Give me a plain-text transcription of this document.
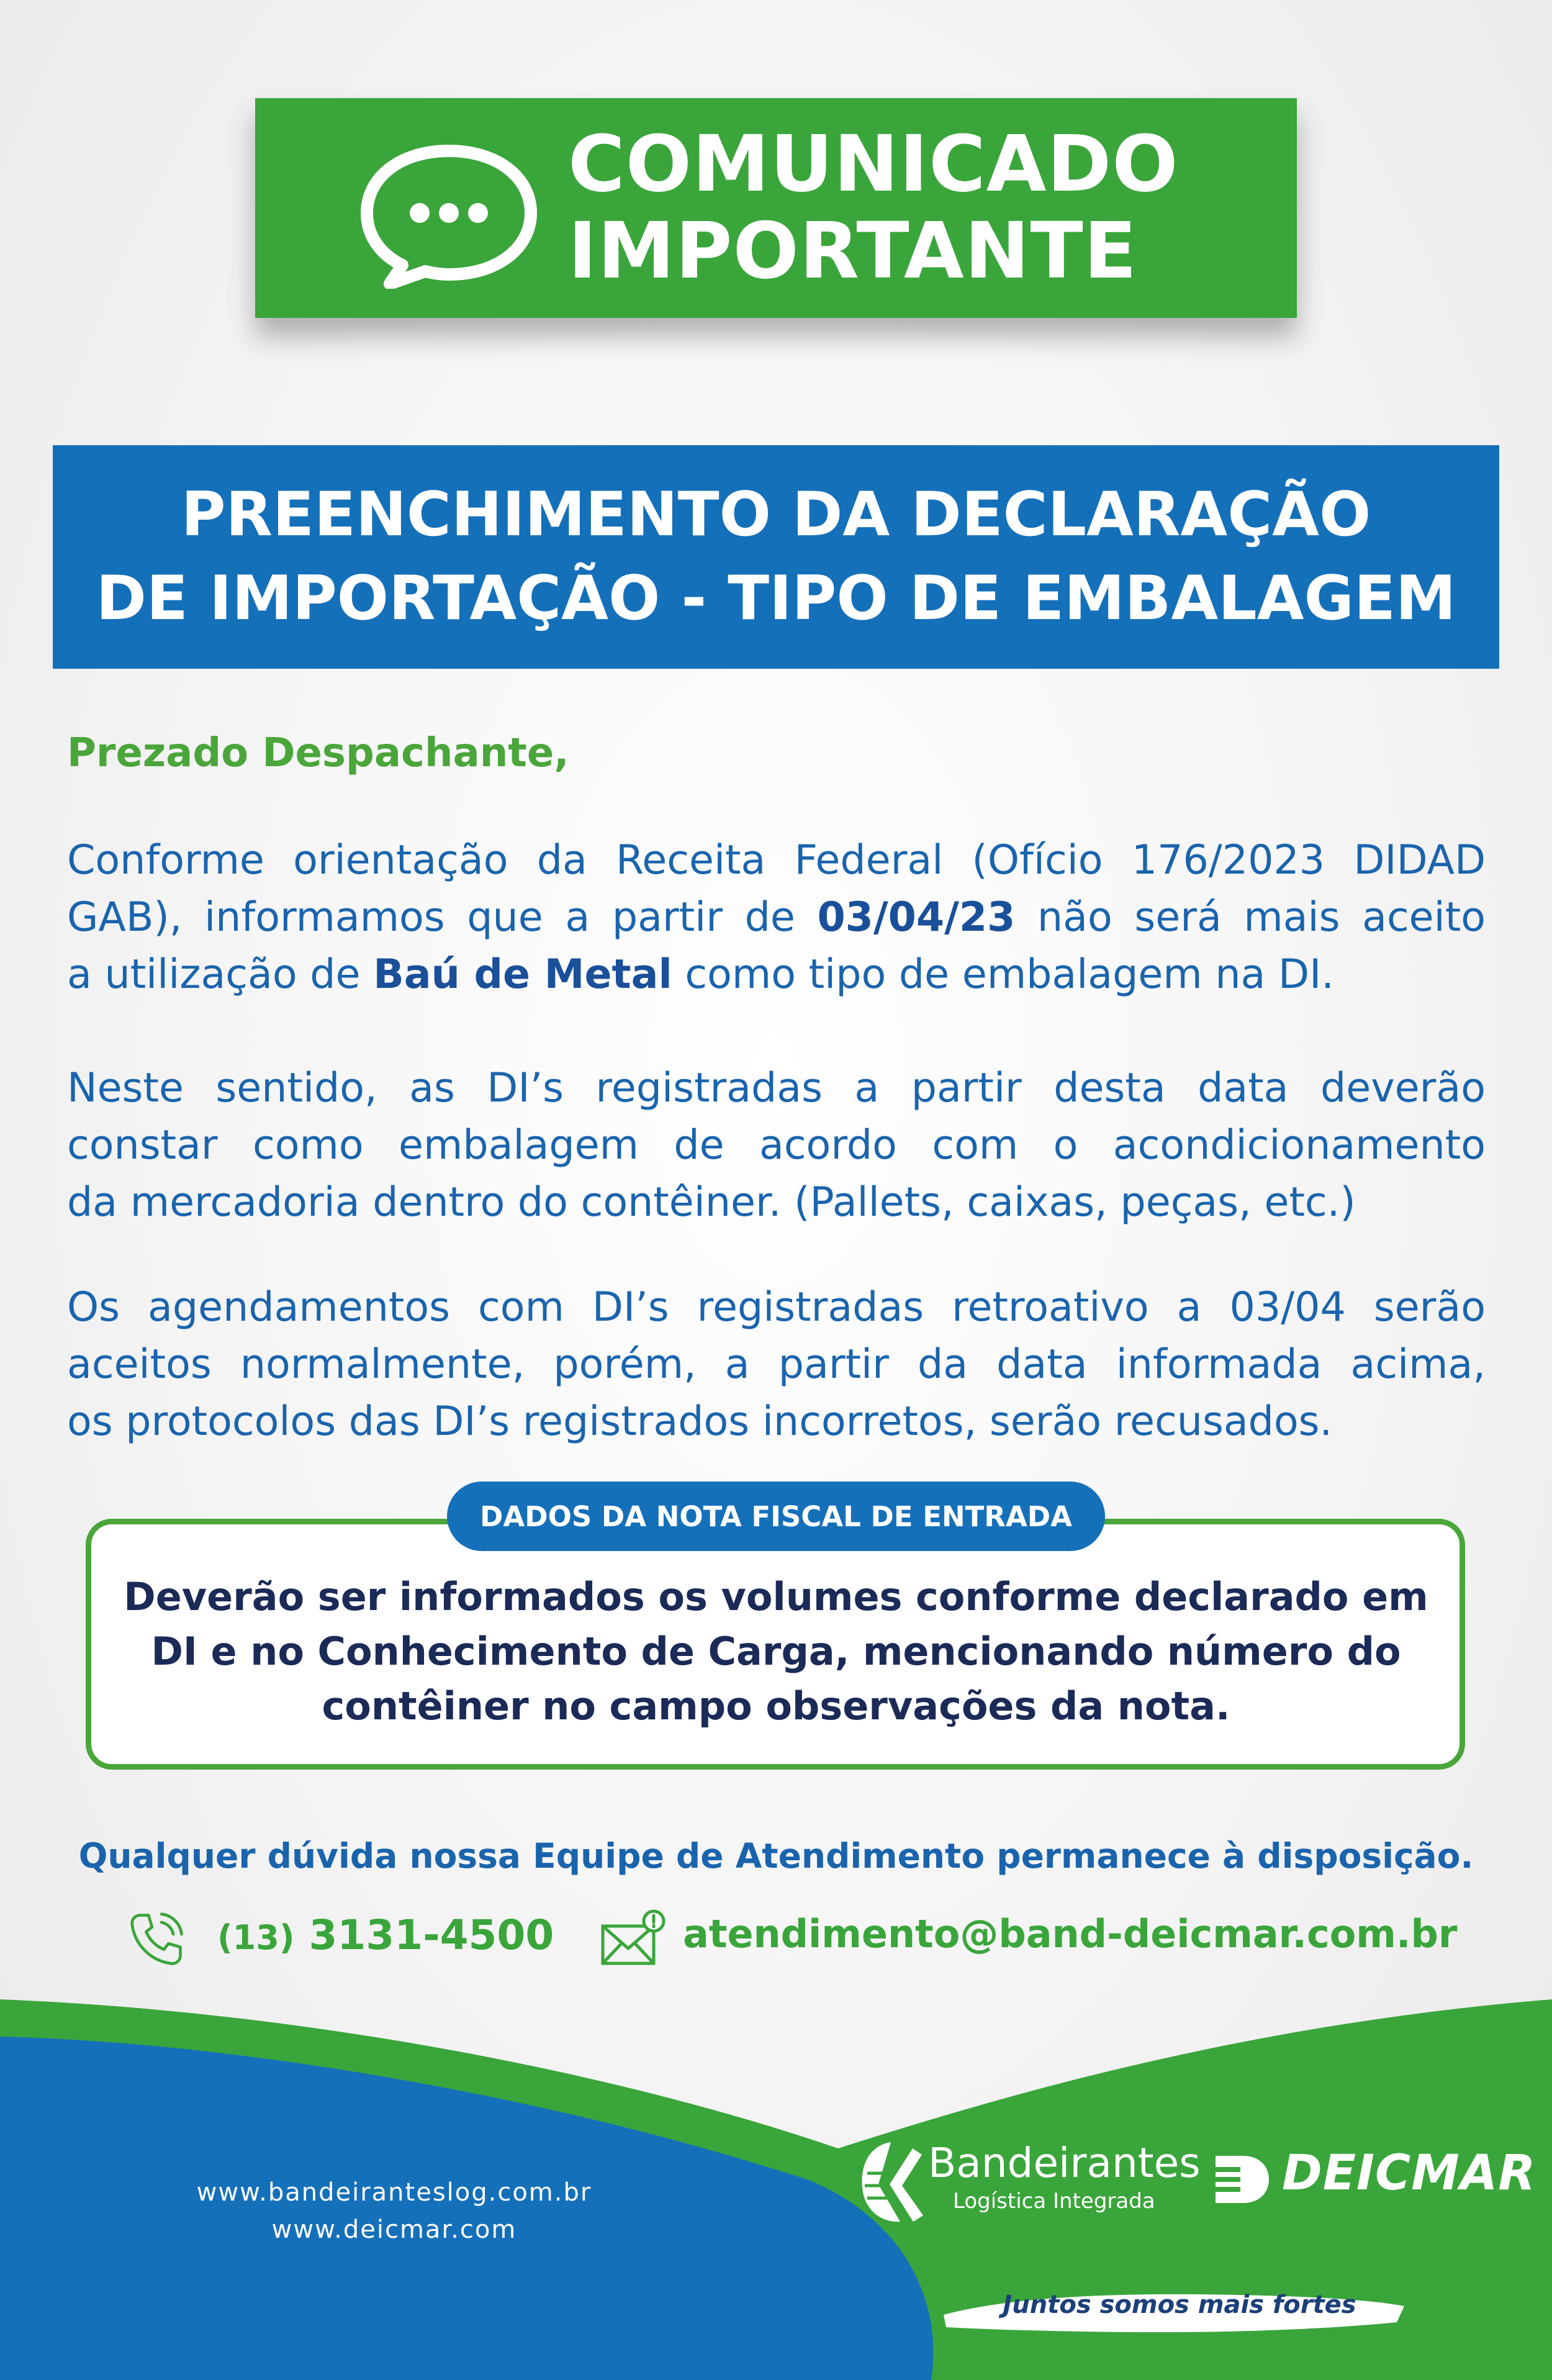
COMUNICADO
IMPORTANTE
PREENCHIMENTO DA DECLARAÇÃO
DE IMPORTAÇÃO - TIPO DE EMBALAGEM
Prezado Despachante,
Conforme orientação da Receita Federal (Ofício 176/2023 DIDAD
GAB), informamos que a partir de 03/04/23 não será mais aceito
a utilização de Baú de Metal como tipo de embalagem na DI.
Neste sentido, as DI’s registradas a partir desta data deverão
constar como embalagem de acordo com o acondicionamento
da mercadoria dentro do contêiner. (Pallets, caixas, peças, etc.)
Os agendamentos com DI’s registradas retroativo a 03/04 serão
aceitos normalmente, porém, a partir da data informada acima,
os protocolos das DI’s registrados incorretos, serão recusados.
DADOS DA NOTA FISCAL DE ENTRADA
Deverão ser informados os volumes conforme declarado em
DI e no Conhecimento de Carga, mencionando número do
contêiner no campo observações da nota.
Qualquer dúvida nossa Equipe de Atendimento permanece à disposição.
(13) 3131-4500	atendimento@band-deicmar.com.br
www.bandeiranteslog.com.br
www.deicmar.com
Bandeirantes
Logística Integrada	DEICMAR
Juntos somos mais fortes
